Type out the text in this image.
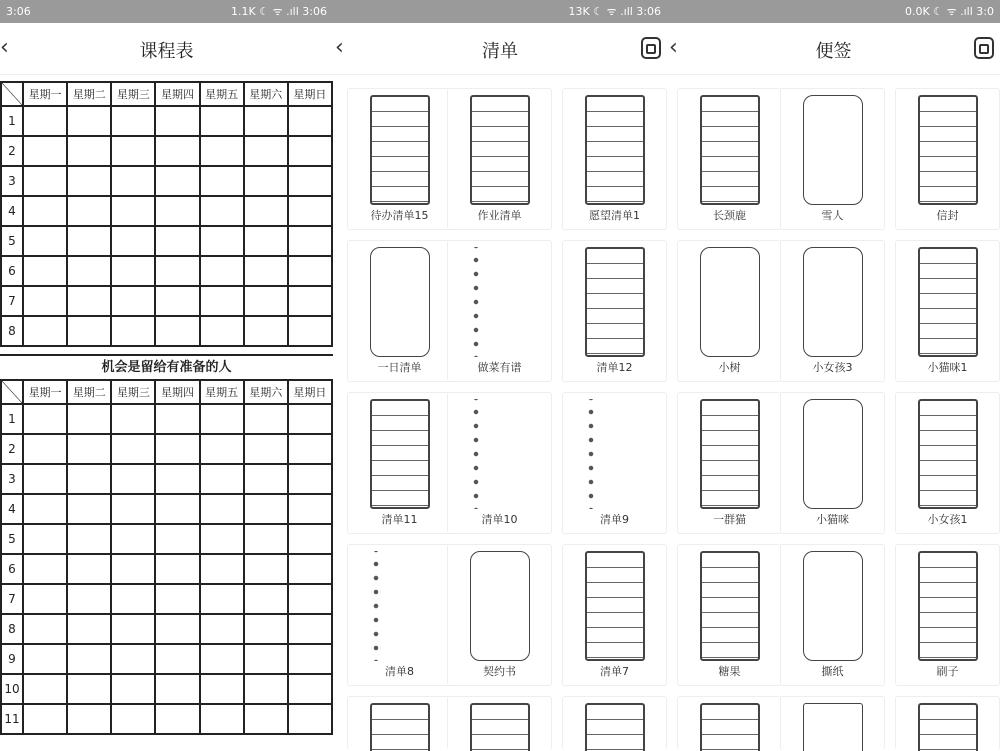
3:06	1.1K ☾ ᯤ .ıll 3:06
‹	课程表
	星期一	星期二	星期三	星期四	星期五	星期六	星期日
1							
2							
3							
4							
5							
6							
7							
8							
机会是留给有准备的人
	星期一	星期二	星期三	星期四	星期五	星期六	星期日
1							
2							
3							
4							
5							
6							
7							
8							
9							
10							
11							
13K ☾ ᯤ .ıll 3:06
‹	清单
待办清单15	作业清单	愿望清单1
一日清单	做菜有谱	清单12
清单11	清单10	清单9
清单8	契约书	清单7
0.0K ☾ ᯤ .ıll 3:0
‹	便签
长颈鹿	雪人	信封
小树	小女孩3	小猫咪1
一群猫	小猫咪	小女孩1
糖果	撕纸	刷子
